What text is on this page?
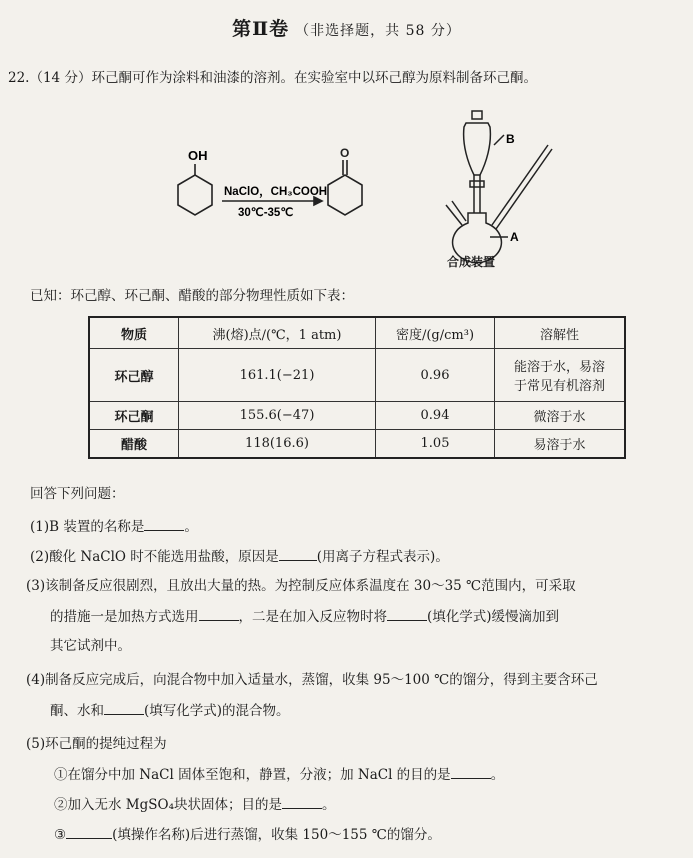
第Ⅱ卷 （非选择题，共 58 分）
22.（14 分）环己酮可作为涂料和油漆的溶剂。在实验室中以环己醇为原料制备环己酮。
OH
NaClO，CH₃COOH
30℃-35℃
O
B
A
合成装置
已知：环己醇、环己酮、醋酸的部分物理性质如下表：
物质	沸(熔)点/(℃，1 atm)	密度/(g/cm³)	溶解性
环己醇	161.1(−21)	0.96	能溶于水，易溶
于常见有机溶剂

环己酮	155.6(−47)	0.94	微溶于水
醋酸	118(16.6)	1.05	易溶于水
回答下列问题：
(1)B 装置的名称是	。
(2)酸化 NaClO 时不能选用盐酸，原因是	(用离子方程式表示)。
(3)该制备反应很剧烈，且放出大量的热。为控制反应体系温度在 30～35 ℃范围内，可采取
的措施一是加热方式选用	，二是在加入反应物时将	(填化学式)缓慢滴加到
其它试剂中。
(4)制备反应完成后，向混合物中加入适量水，蒸馏，收集 95～100 ℃的馏分，得到主要含环己
酮、水和	(填写化学式)的混合物。
(5)环己酮的提纯过程为
①在馏分中加 NaCl 固体至饱和，静置，分液；加 NaCl 的目的是	。
②加入无水 MgSO₄块状固体；目的是	。
③	(填操作名称)后进行蒸馏，收集 150～155 ℃的馏分。
